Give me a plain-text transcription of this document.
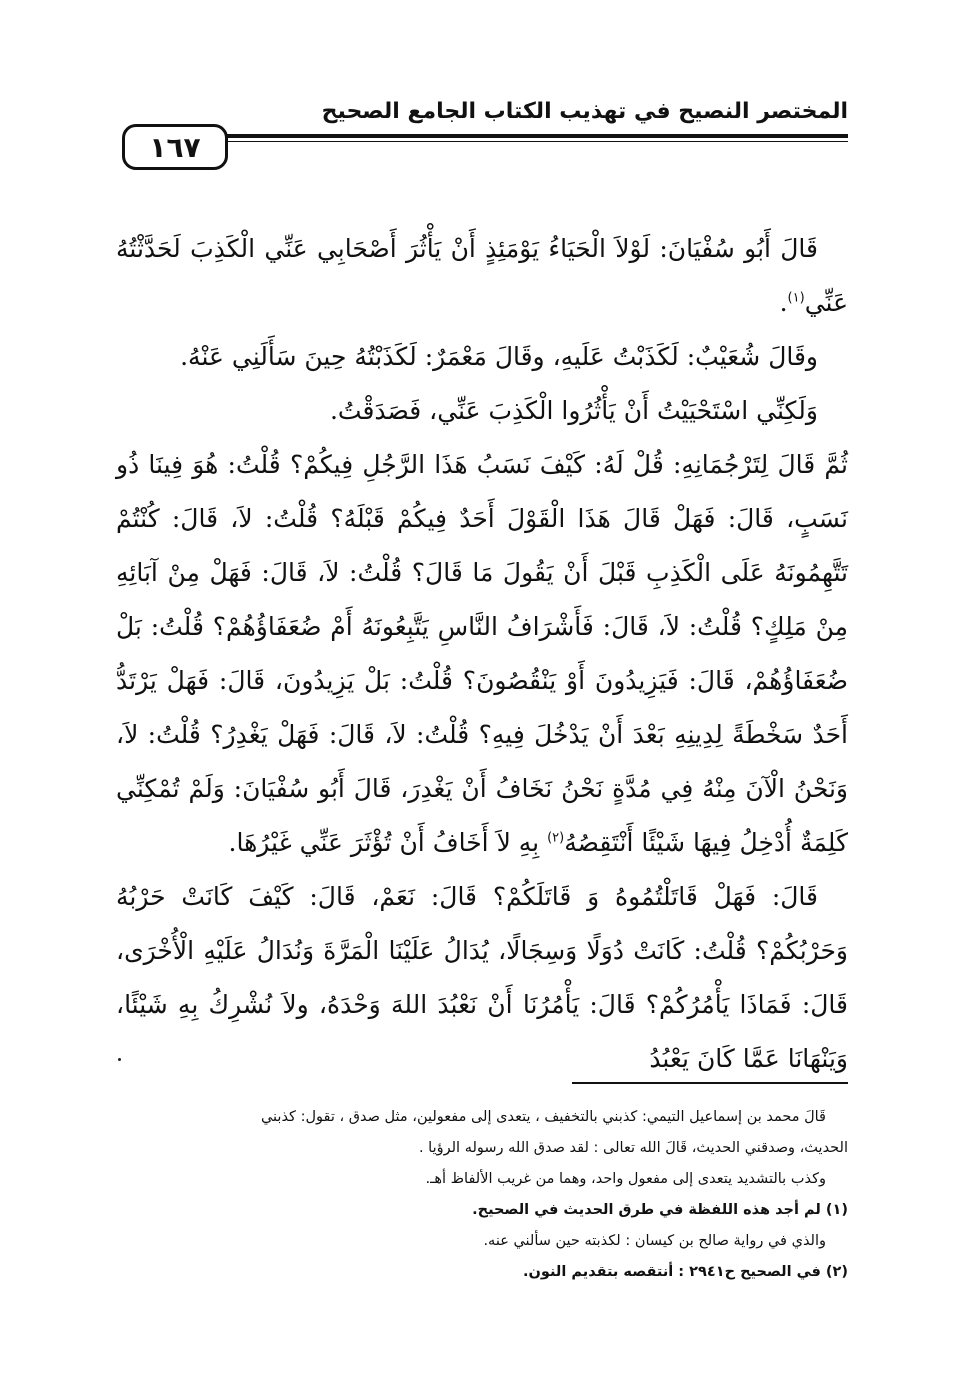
المختصر النصيح في تهذيب الكتاب الجامع الصحيح
١٦٧

قَالَ أَبُو سُفْيَانَ: لَوْلاَ الْحَيَاءُ يَوْمَئِذٍ أَنْ يَأْثُرَ أَصْحَابِي عَنِّي الْكَذِبَ لَحَدَّثْتُهُ عَنِّي$^{(١)}$.

وقَالَ شُعَيْبٌ: لَكَذَبْتُ عَلَيهِ، وقَالَ مَعْمَرٌ: لَكَذَبْتُهُ حِينَ سَأَلَنِي عَنْهُ.

وَلَكِنِّي اسْتَحْيَيْتُ أَنْ يَأْثُرُوا الْكَذِبَ عَنِّي، فَصَدَقْتُ.

ثُمَّ قَالَ لِتَرْجُمَانِهِ: قُلْ لَهُ: كَيْفَ نَسَبُ هَذَا الرَّجُلِ فِيكُمْ؟ قُلْتُ: هُوَ فِينَا ذُو نَسَبٍ، قَالَ: فَهَلْ قَالَ هَذَا الْقَوْلَ أَحَدٌ فِيكُمْ قَبْلَهُ؟ قُلْتُ: لاَ، قَالَ: كُنْتُمْ تَتَّهِمُونَهُ عَلَى الْكَذِبِ قَبْلَ أَنْ يَقُولَ مَا قَالَ؟ قُلْتُ: لاَ، قَالَ: فَهَلْ مِنْ آبَائِهِ مِنْ مَلِكٍ؟ قُلْتُ: لاَ، قَالَ: فَأَشْرَافُ النَّاسِ يَتَّبِعُونَهُ أَمْ ضُعَفَاؤُهُمْ؟ قُلْتُ: بَلْ ضُعَفَاؤُهُمْ، قَالَ: فَيَزِيدُونَ أَوْ يَنْقُصُونَ؟ قُلْتُ: بَلْ يَزِيدُونَ، قَالَ: فَهَلْ يَرْتَدُّ أَحَدٌ سَخْطَةً لِدِينِهِ بَعْدَ أَنْ يَدْخُلَ فِيهِ؟ قُلْتُ: لاَ، قَالَ: فَهَلْ يَغْدِرُ؟ قُلْتُ: لاَ، وَنَحْنُ الْآنَ مِنْهُ فِي مُدَّةٍ نَحْنُ نَخَافُ أَنْ يَغْدِرَ، قَالَ أَبُو سُفْيَانَ: وَلَمْ تُمْكِنِّي كَلِمَةٌ أُدْخِلُ فِيهَا شَيْئًا أَنْتَقِصُهُ$^{(٢)}$ بِهِ لاَ أَخَافُ أَنْ تُؤْثَرَ عَنِّي غَيْرُهَا.

قَالَ: فَهَلْ قَاتَلْتُمُوهُ وَ قَاتَلَكُمْ؟ قَالَ: نَعَمْ، قَالَ: كَيْفَ كَانَتْ حَرْبُهُ وَحَرْبُكُمْ؟ قُلْتُ: كَانَتْ دُوَلًا وَسِجَالًا، يُدَالُ عَلَيْنَا الْمَرَّةَ وَنُدَالُ عَلَيْهِ الْأُخْرَى، قَالَ: فَمَاذَا يَأْمُرُكُمْ؟ قَالَ: يَأْمُرُنَا أَنْ نَعْبُدَ اللهَ وَحْدَهُ، ولاَ نُشْرِكُ بِهِ شَيْئًا، وَيَنْهَانَا عَمَّا كَانَ يَعْبُدُ

قَالَ محمد بن إسماعيل التيمي: كذبني بالتخفيف ، يتعدى إلى مفعولين، مثل صدق ، تقول: كذبني
الحديث، وصدقني الحديث، قَالَ الله تعالى : لقد صدق الله رسوله الرؤيا .
وكذب بالتشديد يتعدى إلى مفعول واحد، وهما من غريب الألفاظ أهـ.
(١) لم أجد هذه اللفظة في طرق الحديث في الصحيح.
والذي في رواية صالح بن كيسان : لكذبته حين سألني عنه.
(٢) في الصحيح ح٢٩٤١ : أنتقصه بتقديم النون.
